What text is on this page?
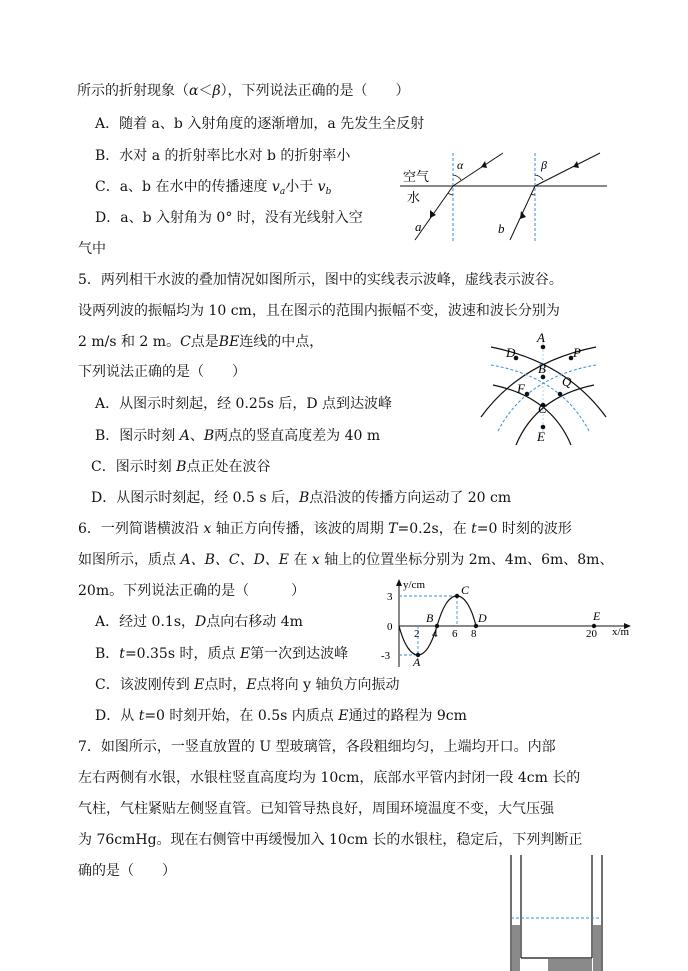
所示的折射现象（α＜β），下列说法正确的是（　　）
A．随着 a、b 入射角度的逐渐增加，a 先发生全反射
B．水对 a 的折射率比水对 b 的折射率小
C．a、b 在水中的传播速度 $v_a$小于 $v_b$
D．a、b 入射角为 0° 时，没有光线射入空
气中
空气
水
α	β
a	b
5．两列相干水波的叠加情况如图所示，图中的实线表示波峰，虚线表示波谷。
设两列波的振幅均为 10 cm，且在图示的范围内振幅不变，波速和波长分别为
2 m/s 和 2 m。C点是BE连线的中点，
下列说法正确的是（　　）
A．从图示时刻起，经 0.25s 后，D 点到达波峰
B．图示时刻 A、B两点的竖直高度差为 40 m
C．图示时刻 B点正处在波谷
D．从图示时刻起，经 0.5 s 后，B点沿波的传播方向运动了 20 cm
A
D	P
B
F	Q
C
E
6．一列简谐横波沿 x 轴正方向传播，该波的周期 T=0.2s，在 t=0 时刻的波形
如图所示，质点 A、B、C、D、E 在 x 轴上的位置坐标分别为 2m、4m、6m、8m、
20m。下列说法正确的是（　　　）
A．经过 0.1s，D点向右移动 4m
B．t=0.35s 时，质点 E第一次到达波峰
C．该波刚传到 E点时，E点将向 y 轴负方向振动
D．从 t=0 时刻开始，在 0.5s 内质点 E通过的路程为 9cm
y/cm
x/m
3
0
-3
2 4 6 8	20
A
B
C
D	E
7．如图所示，一竖直放置的 U 型玻璃管，各段粗细均匀，上端均开口。内部
左右两侧有水银，水银柱竖直高度均为 10cm，底部水平管内封闭一段 4cm 长的
气柱，气柱紧贴左侧竖直管。已知管导热良好，周围环境温度不变，大气压强
为 76cmHg。现在右侧管中再缓慢加入 10cm 长的水银柱，稳定后，下列判断正
确的是（　　）
